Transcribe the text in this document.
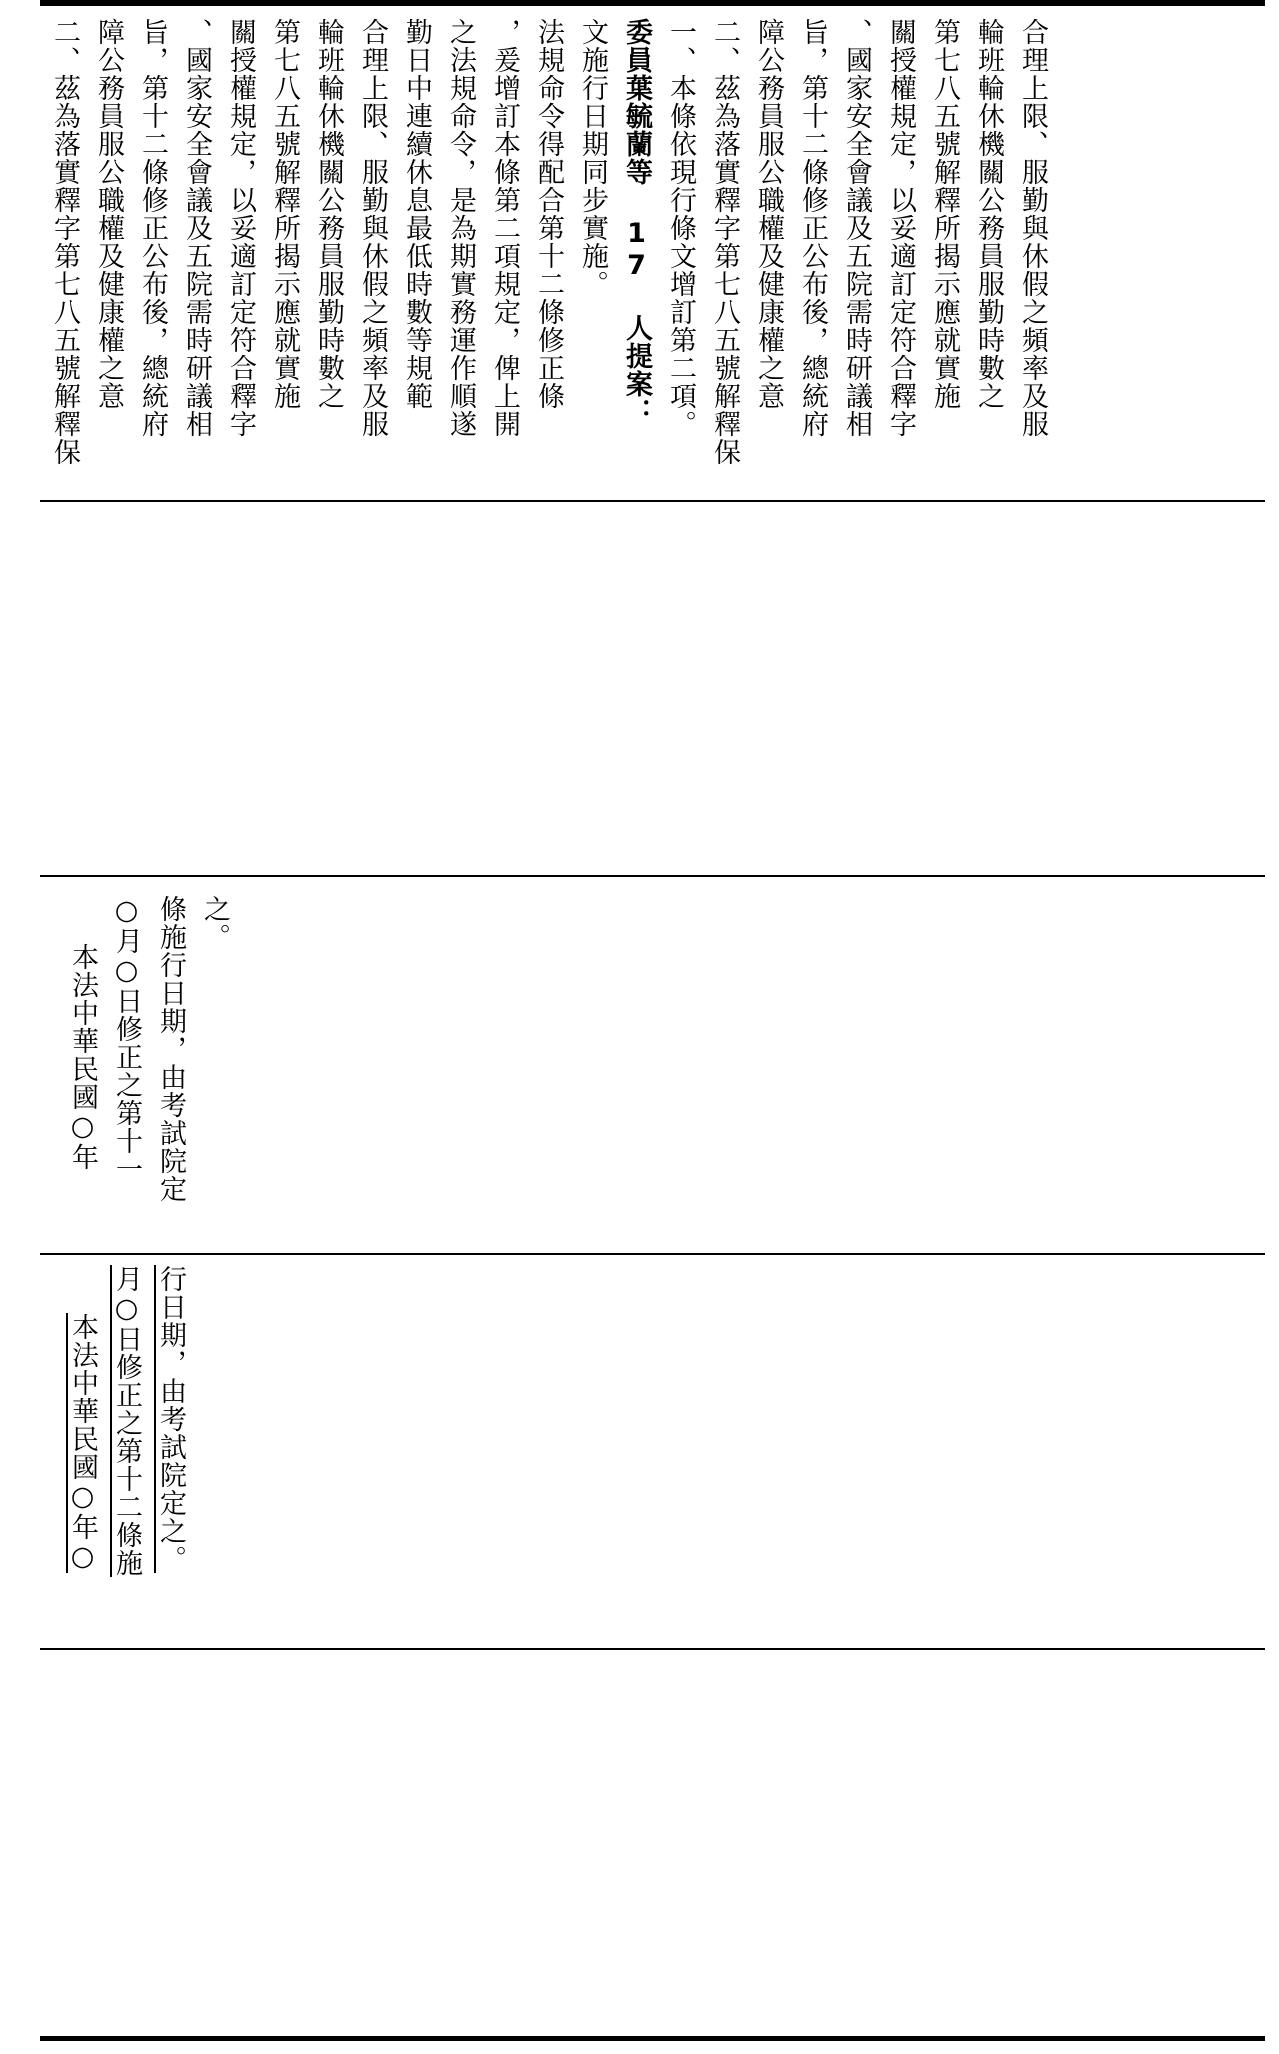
二、茲為落實釋字第七八五號解釋保 障公務員服公職權及健康權之意 旨，第十二條修正公布後，總統府 、國家安全會議及五院需時研議相 關授權規定，以妥適訂定符合釋字 第七八五號解釋所揭示應就實施 輪班輪休機關公務員服勤時數之 合理上限、服勤與休假之頻率及服 勤日中連續休息最低時數等規範 之法規命令，是為期實務運作順遂 ，爰增訂本條第二項規定，俾上開 法規命令得配合第十二條修正條 文施行日期同步實施。 委員葉毓蘭等 17 人提案： 一、本條依現行條文增訂第二項。 二、茲為落實釋字第七八五號解釋保 障公務員服公職權及健康權之意 旨，第十二條修正公布後，總統府 、國家安全會議及五院需時研議相 關授權規定，以妥適訂定符合釋字 第七八五號解釋所揭示應就實施 輪班輪休機關公務員服勤時數之 合理上限、服勤與休假之頻率及服
本法中華民國○年 ○月○日修正之第十一 條施行日期，由考試院定 之。
本法中華民國○年○ 月○日修正之第十二條施 行日期，由考試院定之。
